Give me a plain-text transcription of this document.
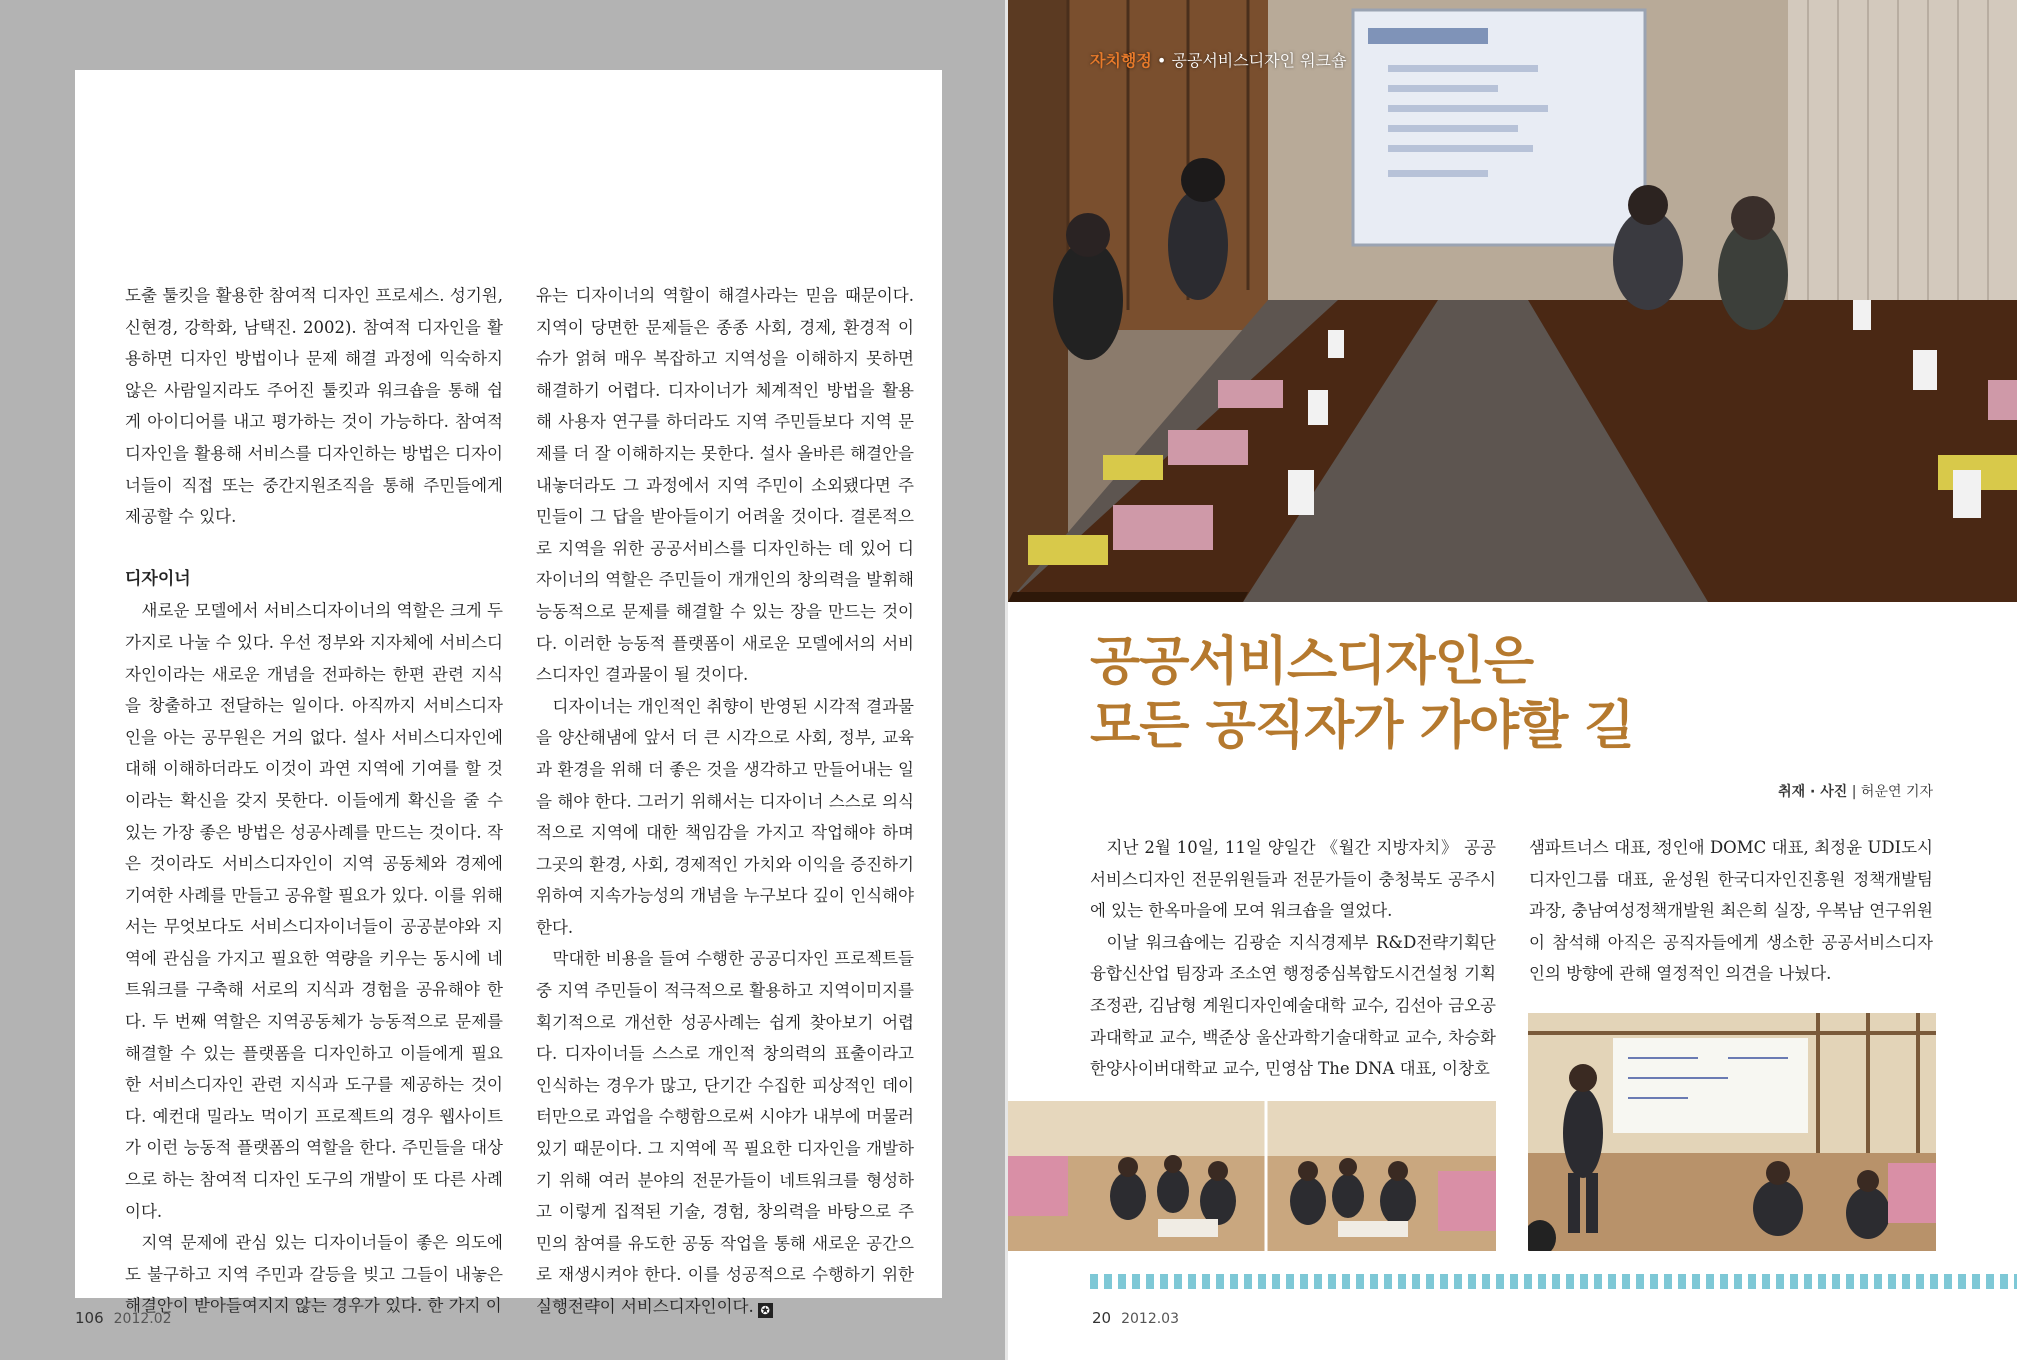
도출 툴킷을 활용한 참여적 디자인 프로세스. 성기원, 신현경, 강학화, 남택진. 2002). 참여적 디자인을 활용하면 디자인 방법이나 문제 해결 과정에 익숙하지 않은 사람일지라도 주어진 툴킷과 워크숍을 통해 쉽게 아이디어를 내고 평가하는 것이 가능하다. 참여적 디자인을 활용해 서비스를 디자인하는 방법은 디자이너들이 직접 또는 중간지원조직을 통해 주민들에게 제공할 수 있다.

디자이너

새로운 모델에서 서비스디자이너의 역할은 크게 두 가지로 나눌 수 있다. 우선 정부와 지자체에 서비스디자인이라는 새로운 개념을 전파하는 한편 관련 지식을 창출하고 전달하는 일이다. 아직까지 서비스디자인을 아는 공무원은 거의 없다. 설사 서비스디자인에 대해 이해하더라도 이것이 과연 지역에 기여를 할 것이라는 확신을 갖지 못한다. 이들에게 확신을 줄 수 있는 가장 좋은 방법은 성공사례를 만드는 것이다. 작은 것이라도 서비스디자인이 지역 공동체와 경제에 기여한 사례를 만들고 공유할 필요가 있다. 이를 위해서는 무엇보다도 서비스디자이너들이 공공분야와 지역에 관심을 가지고 필요한 역량을 키우는 동시에 네트워크를 구축해 서로의 지식과 경험을 공유해야 한다. 두 번째 역할은 지역공동체가 능동적으로 문제를 해결할 수 있는 플랫폼을 디자인하고 이들에게 필요한 서비스디자인 관련 지식과 도구를 제공하는 것이다. 예컨대 밀라노 먹이기 프로젝트의 경우 웹사이트가 이런 능동적 플랫폼의 역할을 한다. 주민들을 대상으로 하는 참여적 디자인 도구의 개발이 또 다른 사례이다.

지역 문제에 관심 있는 디자이너들이 좋은 의도에도 불구하고 지역 주민과 갈등을 빚고 그들이 내놓은 해결안이 받아들여지지 않는 경우가 있다. 한 가지 이

유는 디자이너의 역할이 해결사라는 믿음 때문이다. 지역이 당면한 문제들은 종종 사회, 경제, 환경적 이슈가 얽혀 매우 복잡하고 지역성을 이해하지 못하면 해결하기 어렵다. 디자이너가 체계적인 방법을 활용해 사용자 연구를 하더라도 지역 주민들보다 지역 문제를 더 잘 이해하지는 못한다. 설사 올바른 해결안을 내놓더라도 그 과정에서 지역 주민이 소외됐다면 주민들이 그 답을 받아들이기 어려울 것이다. 결론적으로 지역을 위한 공공서비스를 디자인하는 데 있어 디자이너의 역할은 주민들이 개개인의 창의력을 발휘해 능동적으로 문제를 해결할 수 있는 장을 만드는 것이다. 이러한 능동적 플랫폼이 새로운 모델에서의 서비스디자인 결과물이 될 것이다.

디자이너는 개인적인 취향이 반영된 시각적 결과물을 양산해냄에 앞서 더 큰 시각으로 사회, 정부, 교육과 환경을 위해 더 좋은 것을 생각하고 만들어내는 일을 해야 한다. 그러기 위해서는 디자이너 스스로 의식적으로 지역에 대한 책임감을 가지고 작업해야 하며 그곳의 환경, 사회, 경제적인 가치와 이익을 증진하기 위하여 지속가능성의 개념을 누구보다 깊이 인식해야 한다.

막대한 비용을 들여 수행한 공공디자인 프로젝트들 중 지역 주민들이 적극적으로 활용하고 지역이미지를 획기적으로 개선한 성공사례는 쉽게 찾아보기 어렵다. 디자이너들 스스로 개인적 창의력의 표출이라고 인식하는 경우가 많고, 단기간 수집한 피상적인 데이터만으로 과업을 수행함으로써 시야가 내부에 머물러 있기 때문이다. 그 지역에 꼭 필요한 디자인을 개발하기 위해 여러 분야의 전문가들이 네트워크를 형성하고 이렇게 집적된 기술, 경험, 창의력을 바탕으로 주민의 참여를 유도한 공동 작업을 통해 새로운 공간으로 재생시켜야 한다. 이를 성공적으로 수행하기 위한 실행전략이 서비스디자인이다. ✪

106 2012.02
자치행정 • 공공서비스디자인 워크숍
공공서비스디자인은
모든 공직자가 가야할 길
취재 · 사진 | 허운연 기자

지난 2월 10일, 11일 양일간 《월간 지방자치》 공공서비스디자인 전문위원들과 전문가들이 충청북도 공주시에 있는 한옥마을에 모여 워크숍을 열었다.

이날 워크숍에는 김광순 지식경제부 R&D전략기획단 융합신산업 팀장과 조소연 행정중심복합도시건설청 기획조정관, 김남형 계원디자인예술대학 교수, 김선아 금오공과대학교 교수, 백준상 울산과학기술대학교 교수, 차승화 한양사이버대학교 교수, 민영삼 The DNA 대표, 이창호

샘파트너스 대표, 정인애 DOMC 대표, 최정윤 UDI도시디자인그룹 대표, 윤성원 한국디자인진흥원 정책개발팀 과장, 충남여성정책개발원 최은희 실장, 우복남 연구위원이 참석해 아직은 공직자들에게 생소한 공공서비스디자인의 방향에 관해 열정적인 의견을 나눴다.

20 2012.03
